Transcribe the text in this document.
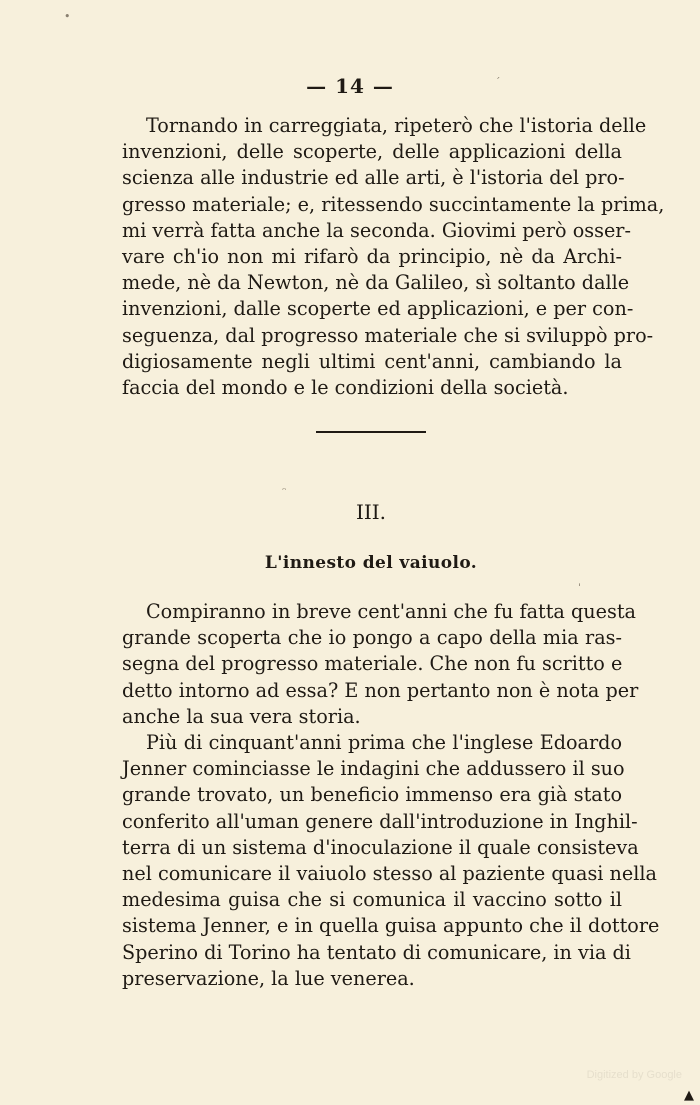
•
ˊ
— 14 —
Tornando in carreggiata, ripeterò che l'istoria delle
invenzioni, delle scoperte, delle applicazioni della
scienza alle industrie ed alle arti, è l'istoria del pro-
gresso materiale; e, ritessendo succintamente la prima,
mi verrà fatta anche la seconda. Giovimi però osser-
vare ch'io non mi rifarò da principio, nè da Archi-
mede, nè da Newton, nè da Galileo, sì soltanto dalle
invenzioni, dalle scoperte ed applicazioni, e per con-
seguenza, dal progresso materiale che si sviluppò pro-
digiosamente negli ultimi cent'anni, cambiando la
faccia del mondo e le condizioni della società.
ᵔ
III.
L'innesto del vaiuolo.
ˈ
Compiranno in breve cent'anni che fu fatta questa
grande scoperta che io pongo a capo della mia ras-
segna del progresso materiale. Che non fu scritto e
detto intorno ad essa? E non pertanto non è nota per
anche la sua vera storia.
Più di cinquant'anni prima che l'inglese Edoardo
Jenner cominciasse le indagini che addussero il suo
grande trovato, un beneficio immenso era già stato
conferito all'uman genere dall'introduzione in Inghil-
terra di un sistema d'inoculazione il quale consisteva
nel comunicare il vaiuolo stesso al paziente quasi nella
medesima guisa che si comunica il vaccino sotto il
sistema Jenner, e in quella guisa appunto che il dottore
Sperino di Torino ha tentato di comunicare, in via di
preservazione, la lue venerea.
▲
Digitized by Google
